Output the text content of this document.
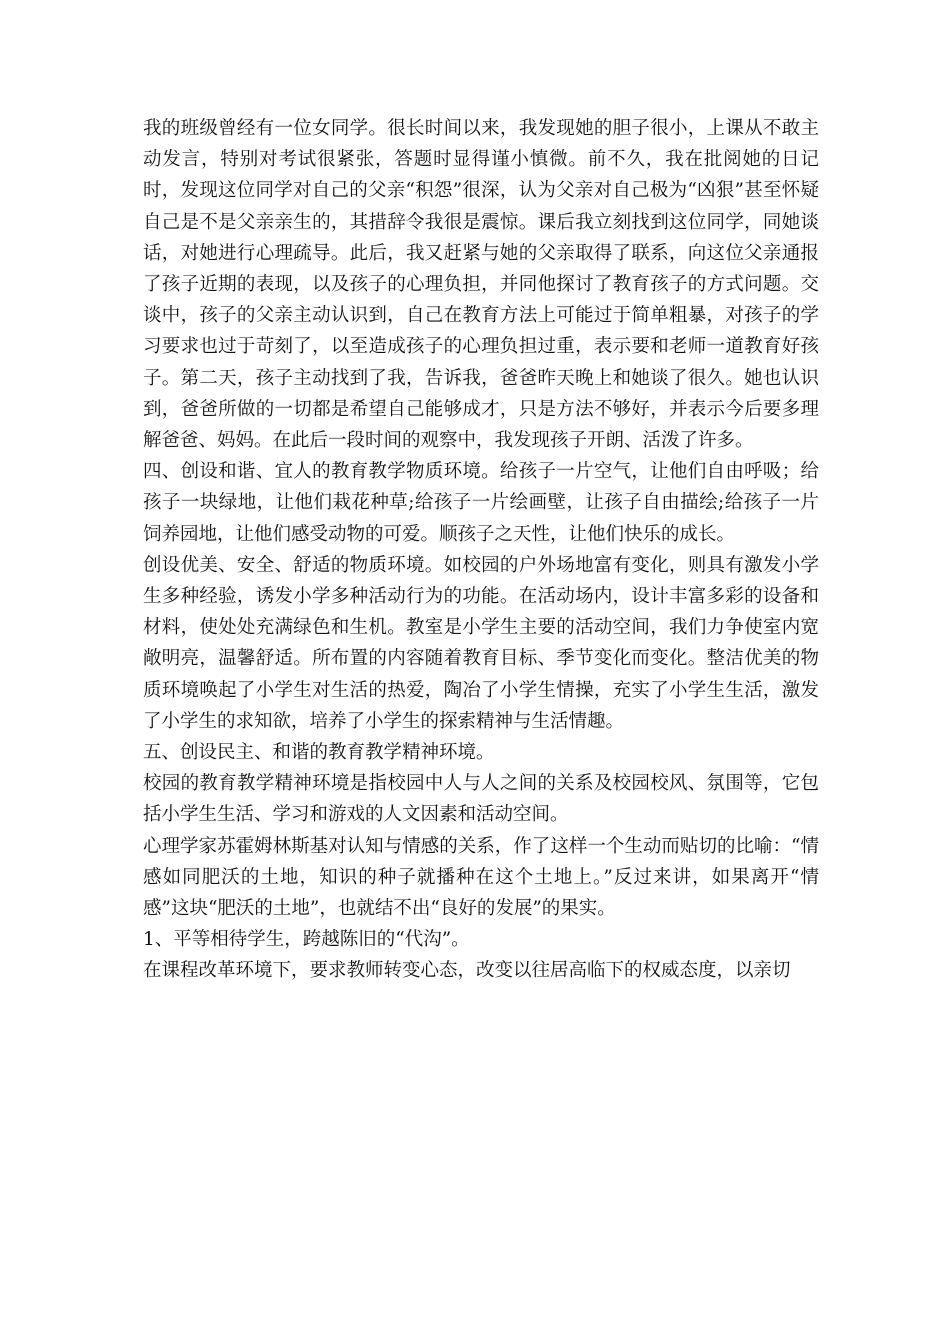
我的班级曾经有一位女同学。很长时间以来，我发现她的胆子很小，上课从不敢主动发言，特别对考试很紧张，答题时显得谨小慎微。前不久，我在批阅她的日记时，发现这位同学对自己的父亲“积怨”很深，认为父亲对自己极为“凶狠”甚至怀疑自己是不是父亲亲生的，其措辞令我很是震惊。课后我立刻找到这位同学，同她谈话，对她进行心理疏导。此后，我又赶紧与她的父亲取得了联系，向这位父亲通报了孩子近期的表现，以及孩子的心理负担，并同他探讨了教育孩子的方式问题。交谈中，孩子的父亲主动认识到，自己在教育方法上可能过于简单粗暴，对孩子的学习要求也过于苛刻了，以至造成孩子的心理负担过重，表示要和老师一道教育好孩子。第二天，孩子主动找到了我，告诉我，爸爸昨天晚上和她谈了很久。她也认识到，爸爸所做的一切都是希望自己能够成才，只是方法不够好，并表示今后要多理解爸爸、妈妈。在此后一段时间的观察中，我发现孩子开朗、活泼了许多。

四、创设和谐、宜人的教育教学物质环境。给孩子一片空气，让他们自由呼吸；给孩子一块绿地，让他们栽花种草;给孩子一片绘画壁，让孩子自由描绘;给孩子一片饲养园地，让他们感受动物的可爱。顺孩子之天性，让他们快乐的成长。

创设优美、安全、舒适的物质环境。如校园的户外场地富有变化，则具有激发小学生多种经验，诱发小学多种活动行为的功能。在活动场内，设计丰富多彩的设备和材料，使处处充满绿色和生机。教室是小学生主要的活动空间，我们力争使室内宽敞明亮，温馨舒适。所布置的内容随着教育目标、季节变化而变化。整洁优美的物质环境唤起了小学生对生活的热爱，陶冶了小学生情操，充实了小学生生活，激发了小学生的求知欲，培养了小学生的探索精神与生活情趣。

五、创设民主、和谐的教育教学精神环境。

校园的教育教学精神环境是指校园中人与人之间的关系及校园校风、氛围等，它包括小学生生活、学习和游戏的人文因素和活动空间。

心理学家苏霍姆林斯基对认知与情感的关系，作了这样一个生动而贴切的比喻：“情感如同肥沃的土地，知识的种子就播种在这个土地上。”反过来讲，如果离开“情感”这块“肥沃的土地”，也就结不出“良好的发展”的果实。

1、平等相待学生，跨越陈旧的“代沟”。

在课程改革环境下，要求教师转变心态，改变以往居高临下的权威态度，以亲切
